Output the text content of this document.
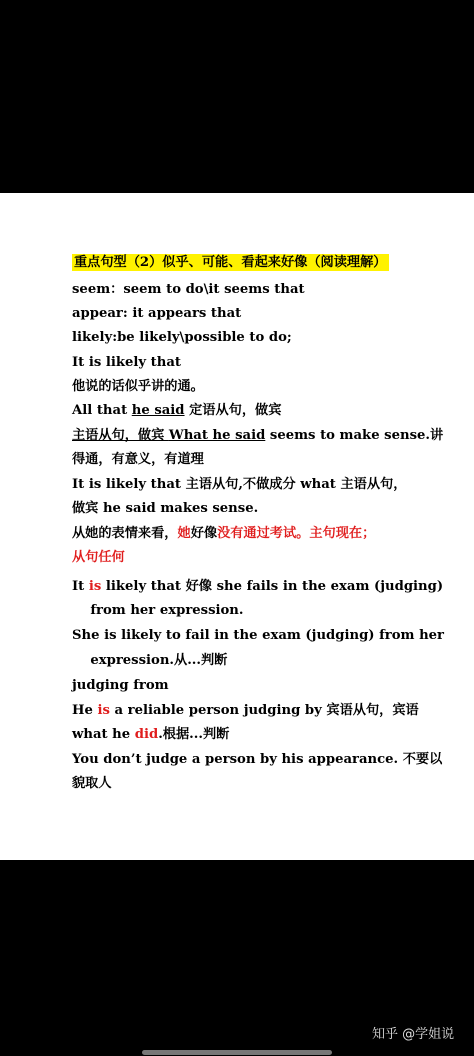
重点句型（2）似乎、可能、看起来好像（阅读理解）
seem：seem to do\it seems that
appear: it appears that
likely:be likely\possible to do;
It is likely that
他说的话似乎讲的通。
All that he said 定语从句，做宾
主语从句，做宾 What he said seems to make sense.讲
得通，有意义，有道理
It is likely that 主语从句,不做成分 what 主语从句，
做宾 he said makes sense.
从她的表情来看，她好像没有通过考试。主句现在；
从句任何
It is likely that 好像 she fails in the exam (judging)
from her expression.
She is likely to fail in the exam (judging) from her
expression.从...判断
judging from
He is a reliable person judging by 宾语从句，宾语
what he did.根据...判断
You don’t judge a person by his appearance. 不要以
貌取人
知乎 @学姐说
